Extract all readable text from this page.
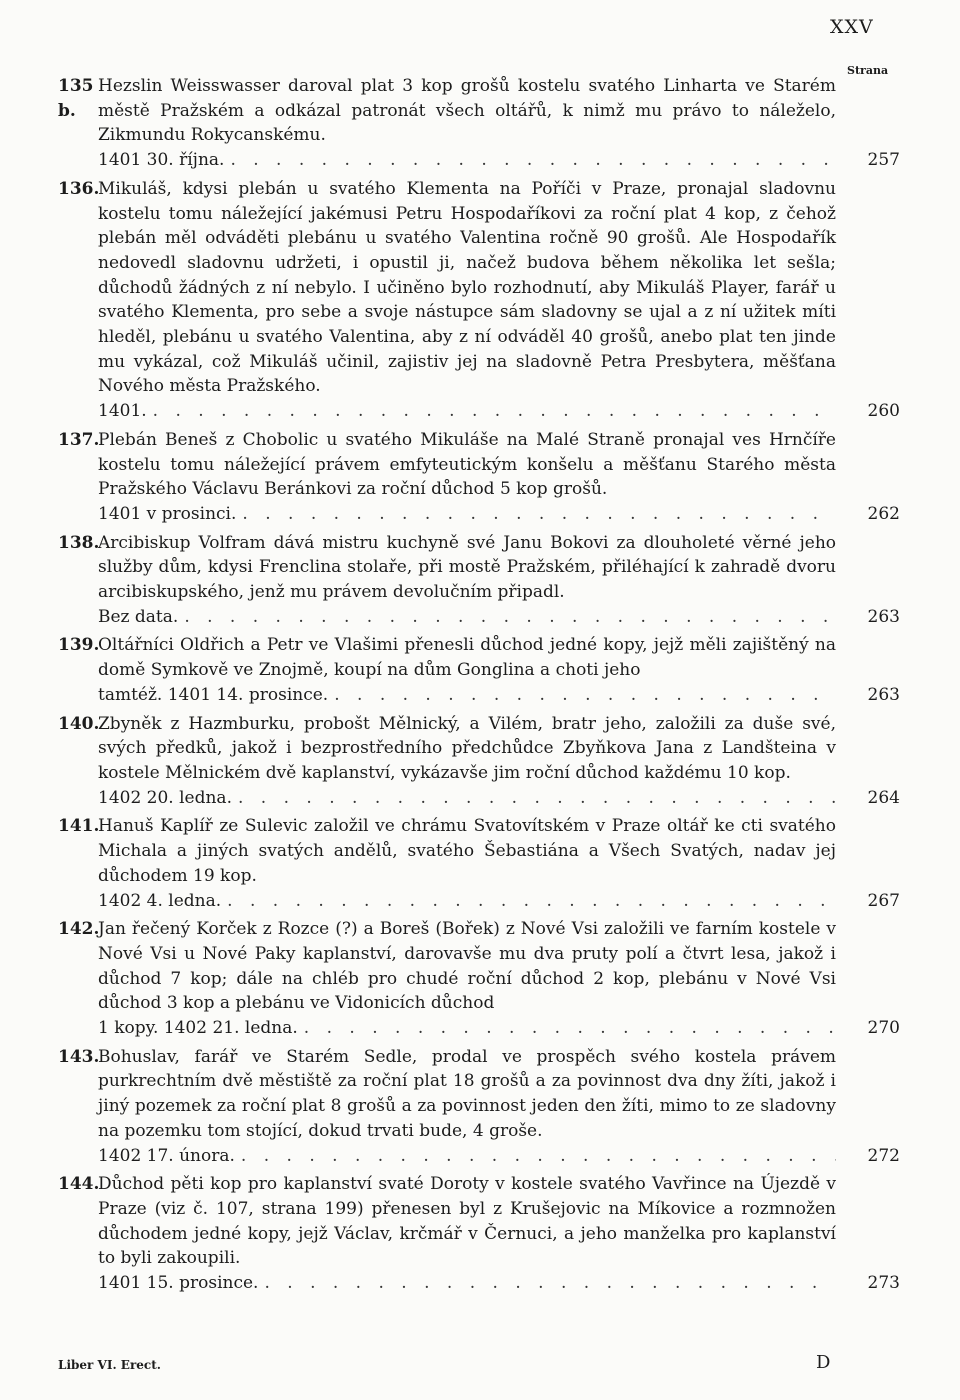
XXV
Strana
135 b.
Hezslin Weisswasser daroval plat 3 kop grošů kostelu svatého Linharta ve Starém městě Pražském a odkázal patronát všech oltářů, k nimž mu právo to náleželo, Zikmundu Rokycanskému.
1401 30. října. . . .	257
136.
Mikuláš, kdysi plebán u svatého Klementa na Poříči v Praze, pronajal sladovnu kostelu tomu náležející jakémusi Petru Hospodaříkovi za roční plat 4 kop, z čehož plebán měl odváděti plebánu u svatého Valentina ročně 90 grošů. Ale Hospodařík nedovedl sladovnu udržeti, i opustil ji, načež budova během několika let sešla; důchodů žádných z ní nebylo. I učiněno bylo rozhodnutí, aby Mikuláš Player, farář u svatého Klementa, pro sebe a svoje nástupce sám sladovny se ujal a z ní užitek míti hleděl, plebánu u svatého Valentina, aby z ní odváděl 40 grošů, anebo plat ten jinde mu vykázal, což Mikuláš učinil, zajistiv jej na sladovně Petra Presbytera, měšťana Nového města Pražského.
1401. . . .	260
137.
Plebán Beneš z Chobolic u svatého Mikuláše na Malé Straně pronajal ves Hrnčíře kostelu tomu náležející právem emfyteutickým konšelu a měšťanu Starého města Pražského Václavu Beránkovi za roční důchod 5 kop grošů.
1401 v prosinci. . . .	262
138.
Arcibiskup Volfram dává mistru kuchyně své Janu Bokovi za dlouholeté věrné jeho služby dům, kdysi Frenclina stolaře, při mostě Pražském, přiléhající k zahradě dvoru arcibiskupského, jenž mu právem devolučním připadl.
Bez data. . . .	263
139.
Oltářníci Oldřich a Petr ve Vlašimi přenesli důchod jedné kopy, jejž měli zajištěný na domě Symkově ve Znojmě, koupí na dům Gonglina a choti jeho
tamtéž. 1401 14. prosince. . . .	263
140.
Zbyněk z Hazmburku, probošt Mělnický, a Vilém, bratr jeho, založili za duše své, svých předků, jakož i bezprostředního předchůdce Zbyňkova Jana z Landšteina v kostele Mělnickém dvě kaplanství, vykázavše jim roční důchod každému 10 kop.
1402 20. ledna. . . .	264
141.
Hanuš Kaplíř ze Sulevic založil ve chrámu Svatovítském v Praze oltář ke cti svatého Michala a jiných svatých andělů, svatého Šebastiána a Všech Svatých, nadav jej důchodem 19 kop.
1402 4. ledna. . . .	267
142.
Jan řečený Korček z Rozce (?) a Boreš (Bořek) z Nové Vsi založili ve farním kostele v Nové Vsi u Nové Paky kaplanství, darovavše mu dva pruty polí a čtvrt lesa, jakož i důchod 7 kop; dále na chléb pro chudé roční důchod 2 kop, plebánu v Nové Vsi důchod 3 kop a plebánu ve Vidonicích důchod
1 kopy. 1402 21. ledna. . . .	270
143.
Bohuslav, farář ve Starém Sedle, prodal ve prospěch svého kostela právem purkrechtním dvě městiště za roční plat 18 grošů a za povinnost dva dny žíti, jakož i jiný pozemek za roční plat 8 grošů a za povinnost jeden den žíti, mimo to ze sladovny na pozemku tom stojící, dokud trvati bude, 4 groše.
1402 17. února. . . .	272
144.
Důchod pěti kop pro kaplanství svaté Doroty v kostele svatého Vavřince na Újezdě v Praze (viz č. 107, strana 199) přenesen byl z Krušejovic na Míkovice a rozmnožen důchodem jedné kopy, jejž Václav, krčmář v Černuci, a jeho manželka pro kaplanství to byli zakoupili.
1401 15. prosince. . . .	273
Liber VI. Erect.	D
